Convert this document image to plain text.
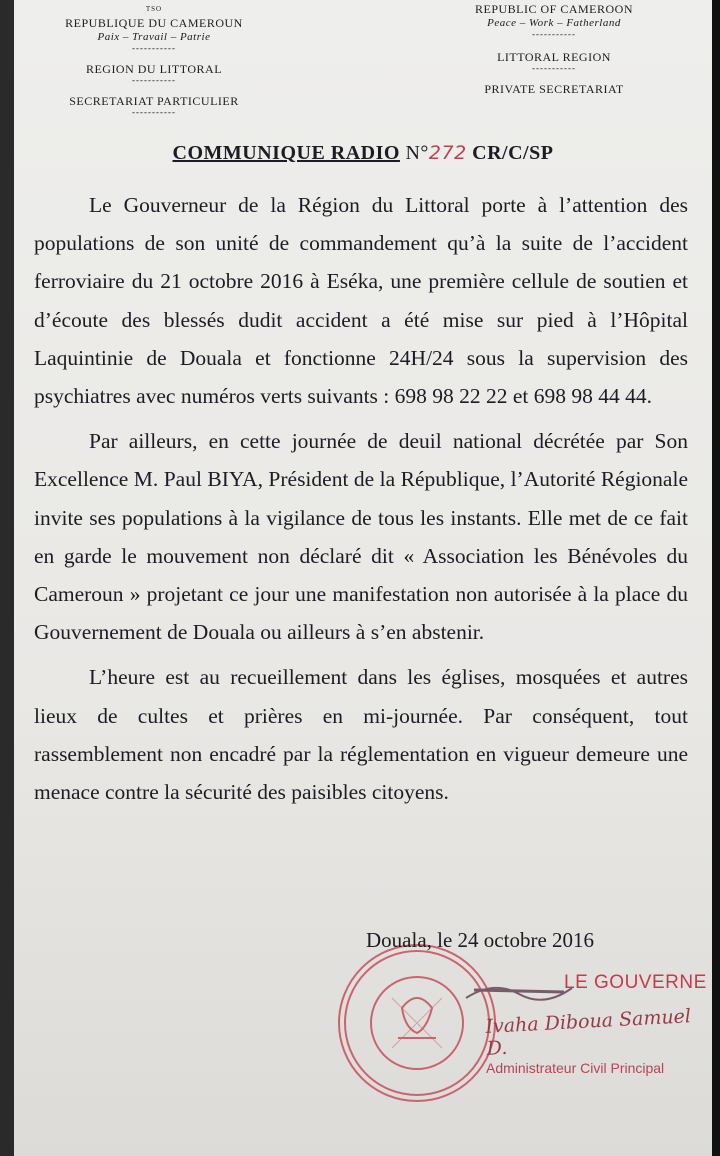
TSO
REPUBLIQUE DU CAMEROUN
Paix – Travail – Patrie
-----------
REGION DU LITTORAL
-----------
SECRETARIAT PARTICULIER
-----------
REPUBLIC OF CAMEROON
Peace – Work – Fatherland
-----------
LITTORAL REGION
-----------
PRIVATE SECRETARIAT
COMMUNIQUE RADIO N°272 CR/C/SP

Le Gouverneur de la Région du Littoral porte à l’attention des populations de son unité de commandement qu’à la suite de l’accident ferroviaire du 21 octobre 2016 à Eséka, une première cellule de soutien et d’écoute des blessés dudit accident a été mise sur pied à l’Hôpital Laquintinie de Douala et fonctionne 24H/24 sous la supervision des psychiatres avec numéros verts suivants : 698 98 22 22 et 698 98 44 44.

Par ailleurs, en cette journée de deuil national décrétée par Son Excellence M. Paul BIYA, Président de la République, l’Autorité Régionale invite ses populations à la vigilance de tous les instants. Elle met de ce fait en garde le mouvement non déclaré dit « Association les Bénévoles du Cameroun » projetant ce jour une manifestation non autorisée à la place du Gouvernement de Douala ou ailleurs à s’en abstenir.

L’heure est au recueillement dans les églises, mosquées et autres lieux de cultes et prières en mi-journée. Par conséquent, tout rassemblement non encadré par la réglementation en vigueur demeure une menace contre la sécurité des paisibles citoyens.

Douala, le 24 octobre 2016
LE GOUVERNE
Ivaha Diboua Samuel D.
Administrateur Civil Principal
